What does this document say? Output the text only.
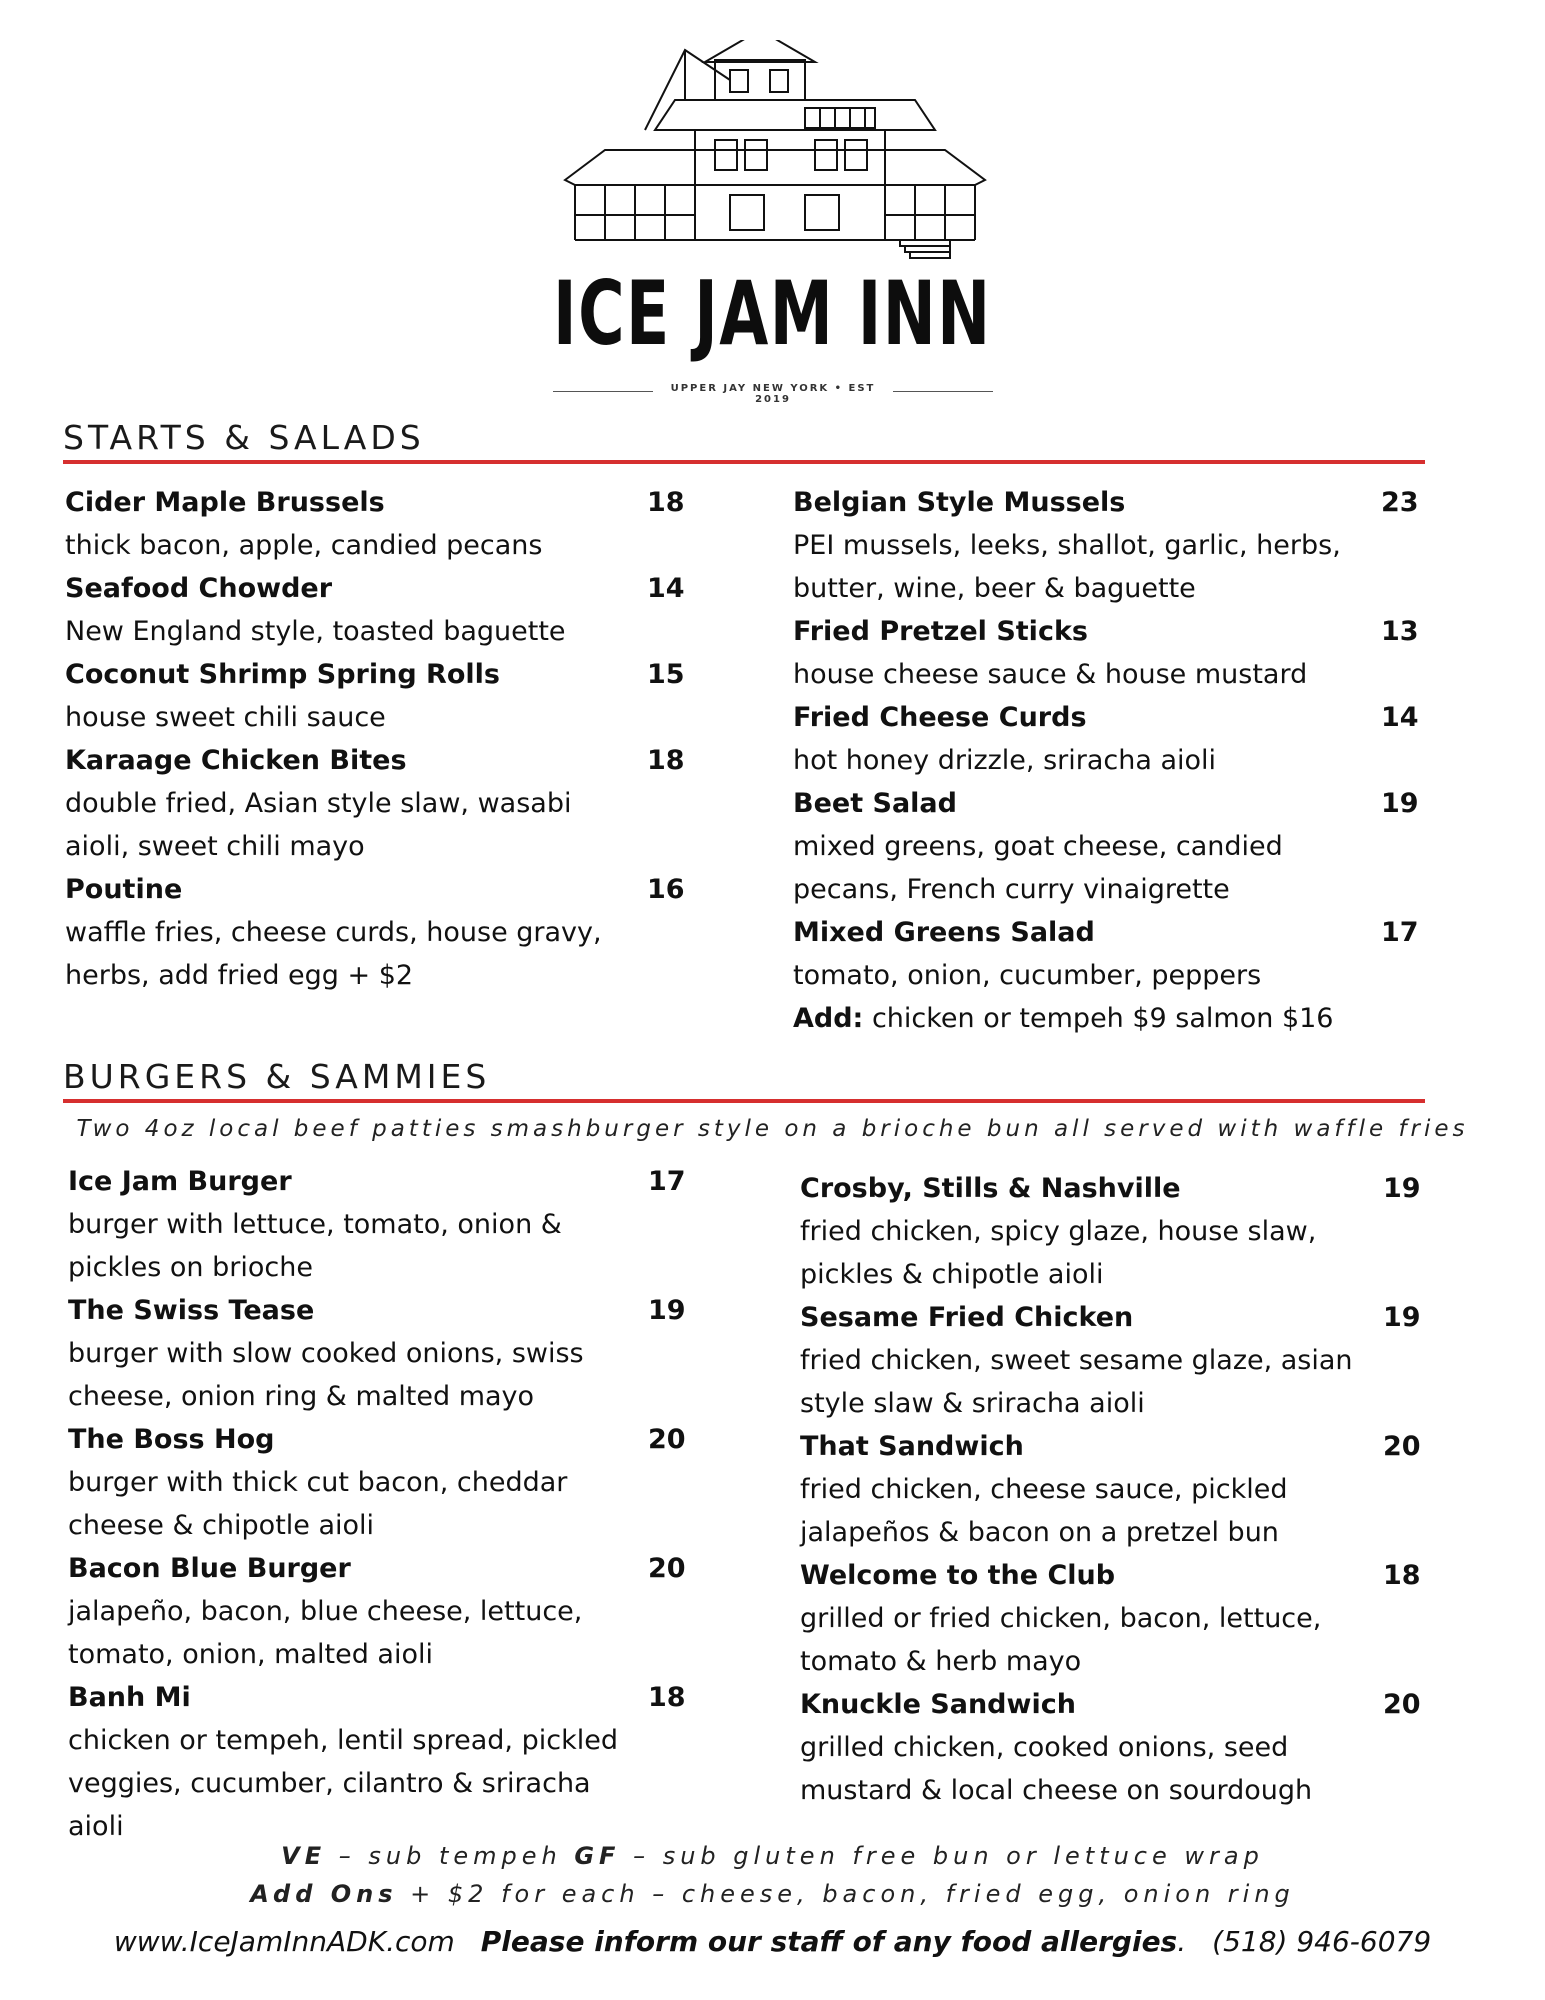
ICE JAM INN
UPPER JAY NEW YORK • EST 2019
STARTS & SALADS
Cider Maple Brussels	18
thick bacon, apple, candied pecans
Seafood Chowder	14
New England style, toasted baguette
Coconut Shrimp Spring Rolls	15
house sweet chili sauce
Karaage Chicken Bites	18
double fried, Asian style slaw, wasabi
aioli, sweet chili mayo
Poutine	16
waffle fries, cheese curds, house gravy,
herbs, add fried egg + $2
Belgian Style Mussels	23
PEI mussels, leeks, shallot, garlic, herbs,
butter, wine, beer & baguette
Fried Pretzel Sticks	13
house cheese sauce & house mustard
Fried Cheese Curds	14
hot honey drizzle, sriracha aioli
Beet Salad	19
mixed greens, goat cheese, candied
pecans, French curry vinaigrette
Mixed Greens Salad	17
tomato, onion, cucumber, peppers
Add: chicken or tempeh $9 salmon $16
BURGERS & SAMMIES
Two 4oz local beef patties smashburger style on a brioche bun all served with waffle fries
Ice Jam Burger	17
burger with lettuce, tomato, onion &
pickles on brioche
The Swiss Tease	19
burger with slow cooked onions, swiss
cheese, onion ring & malted mayo
The Boss Hog	20
burger with thick cut bacon, cheddar
cheese & chipotle aioli
Bacon Blue Burger	20
jalapeño, bacon, blue cheese, lettuce,
tomato, onion, malted aioli
Banh Mi	18
chicken or tempeh, lentil spread, pickled
veggies, cucumber, cilantro & sriracha
aioli
Crosby, Stills & Nashville	19
fried chicken, spicy glaze, house slaw,
pickles & chipotle aioli
Sesame Fried Chicken	19
fried chicken, sweet sesame glaze, asian
style slaw & sriracha aioli
That Sandwich	20
fried chicken, cheese sauce, pickled
jalapeños & bacon on a pretzel bun
Welcome to the Club	18
grilled or fried chicken, bacon, lettuce,
tomato & herb mayo
Knuckle Sandwich	20
grilled chicken, cooked onions, seed
mustard & local cheese on sourdough
VE – sub tempeh GF – sub gluten free bun or lettuce wrap
Add Ons + $2 for each – cheese, bacon, fried egg, onion ring
www.IceJamInnADK.com Please inform our staff of any food allergies. (518) 946-6079
